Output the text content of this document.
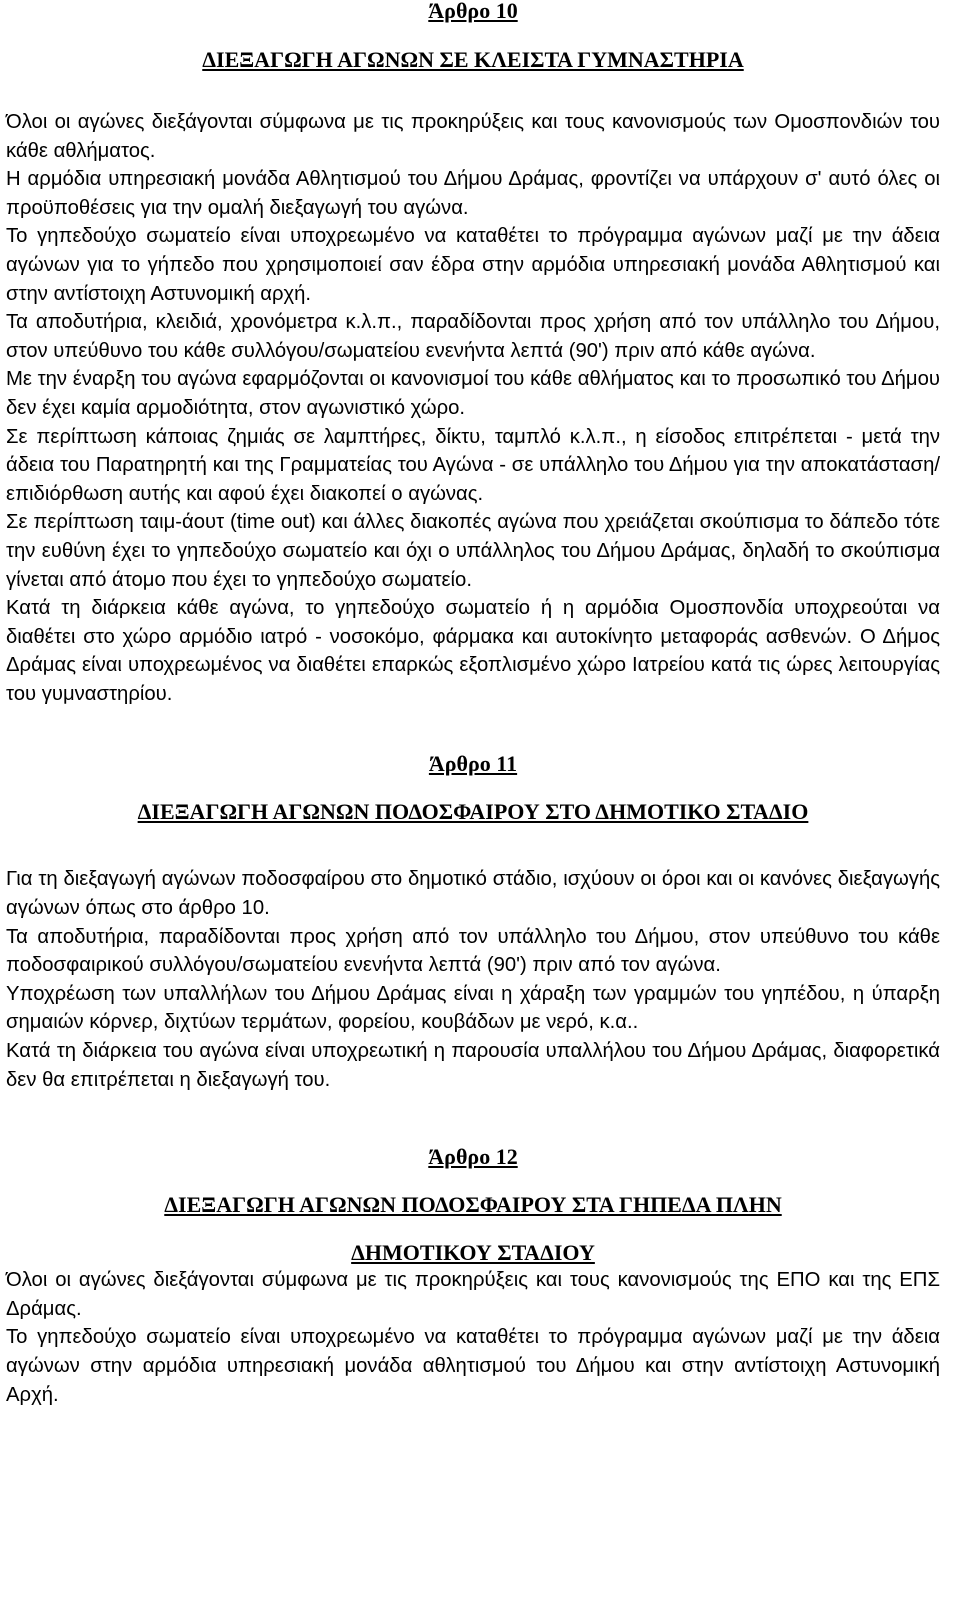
Άρθρο 10
ΔΙΕΞΑΓΩΓΗ ΑΓΩΝΩΝ ΣΕ ΚΛΕΙΣΤΑ ΓΥΜΝΑΣΤΗΡΙΑ

Όλοι οι αγώνες διεξάγονται σύμφωνα με τις προκηρύξεις και τους κανονισμούς των Ομοσπονδιών του κάθε αθλήματος.

Η αρμόδια υπηρεσιακή μονάδα Αθλητισμού του Δήμου Δράμας, φροντίζει να υπάρχουν σ' αυτό όλες οι προϋποθέσεις για την ομαλή διεξαγωγή του αγώνα.

Το γηπεδούχο σωματείο είναι υποχρεωμένο να καταθέτει το πρόγραμμα αγώνων μαζί με την άδεια αγώνων για το γήπεδο που χρησιμοποιεί σαν έδρα στην αρμόδια υπηρεσιακή μονάδα Αθλητισμού και στην αντίστοιχη Αστυνομική αρχή.

Τα αποδυτήρια, κλειδιά, χρονόμετρα κ.λ.π., παραδίδονται προς χρήση από τον υπάλληλο του Δήμου, στον υπεύθυνο του κάθε συλλόγου/σωματείου ενενήντα λεπτά (90') πριν από κάθε αγώνα.

Με την έναρξη του αγώνα εφαρμόζονται οι κανονισμοί του κάθε αθλήματος και το προσωπικό του Δήμου δεν έχει καμία αρμοδιότητα, στον αγωνιστικό χώρο.

Σε περίπτωση κάποιας ζημιάς σε λαμπτήρες, δίκτυ, ταμπλό κ.λ.π., η είσοδος επιτρέπεται - μετά την άδεια του Παρατηρητή και της Γραμματείας του Αγώνα - σε υπάλληλο του Δήμου για την αποκατάσταση/επιδιόρθωση αυτής και αφού έχει διακοπεί ο αγώνας.

Σε περίπτωση ταιμ-άουτ (time out) και άλλες διακοπές αγώνα που χρειάζεται σκούπισμα το δάπεδο τότε την ευθύνη έχει το γηπεδούχο σωματείο και όχι ο υπάλληλος του Δήμου Δράμας, δηλαδή το σκούπισμα γίνεται από άτομο που έχει το γηπεδούχο σωματείο.

Κατά τη διάρκεια κάθε αγώνα, το γηπεδούχο σωματείο ή η αρμόδια Ομοσπονδία υποχρεούται να διαθέτει στο χώρο αρμόδιο ιατρό - νοσοκόμο, φάρμακα και αυτοκίνητο μεταφοράς ασθενών. Ο Δήμος Δράμας είναι υποχρεωμένος να διαθέτει επαρκώς εξοπλισμένο χώρο Ιατρείου κατά τις ώρες λειτουργίας του γυμναστηρίου.

Άρθρο 11
ΔΙΕΞΑΓΩΓΗ ΑΓΩΝΩΝ ΠΟΔΟΣΦΑΙΡΟΥ ΣΤΟ ΔΗΜΟΤΙΚΟ ΣΤΑΔΙΟ

Για τη διεξαγωγή αγώνων ποδοσφαίρου στο δημοτικό στάδιο, ισχύουν οι όροι και οι κανόνες διεξαγωγής αγώνων όπως στο άρθρο 10.

Τα αποδυτήρια, παραδίδονται προς χρήση από τον υπάλληλο του Δήμου, στον υπεύθυνο του κάθε ποδοσφαιρικού συλλόγου/σωματείου ενενήντα λεπτά (90') πριν από τον αγώνα.

Υποχρέωση των υπαλλήλων του Δήμου Δράμας είναι η χάραξη των γραμμών του γηπέδου, η ύπαρξη σημαιών κόρνερ, διχτύων τερμάτων, φορείου, κουβάδων με νερό, κ.α..

Κατά τη διάρκεια του αγώνα είναι υποχρεωτική η παρουσία υπαλλήλου του Δήμου Δράμας, διαφορετικά δεν θα επιτρέπεται η διεξαγωγή του.

Άρθρο 12
ΔΙΕΞΑΓΩΓΗ ΑΓΩΝΩΝ ΠΟΔΟΣΦΑΙΡΟΥ ΣΤΑ ΓΗΠΕΔΑ ΠΛΗΝ
ΔΗΜΟΤΙΚΟΥ ΣΤΑΔΙΟΥ

Όλοι οι αγώνες διεξάγονται σύμφωνα με τις προκηρύξεις και τους κανονισμούς της ΕΠΟ και της ΕΠΣ Δράμας.

Το γηπεδούχο σωματείο είναι υποχρεωμένο να καταθέτει το πρόγραμμα αγώνων μαζί με την άδεια αγώνων στην αρμόδια υπηρεσιακή μονάδα αθλητισμού του Δήμου και στην αντίστοιχη Αστυνομική Αρχή.
